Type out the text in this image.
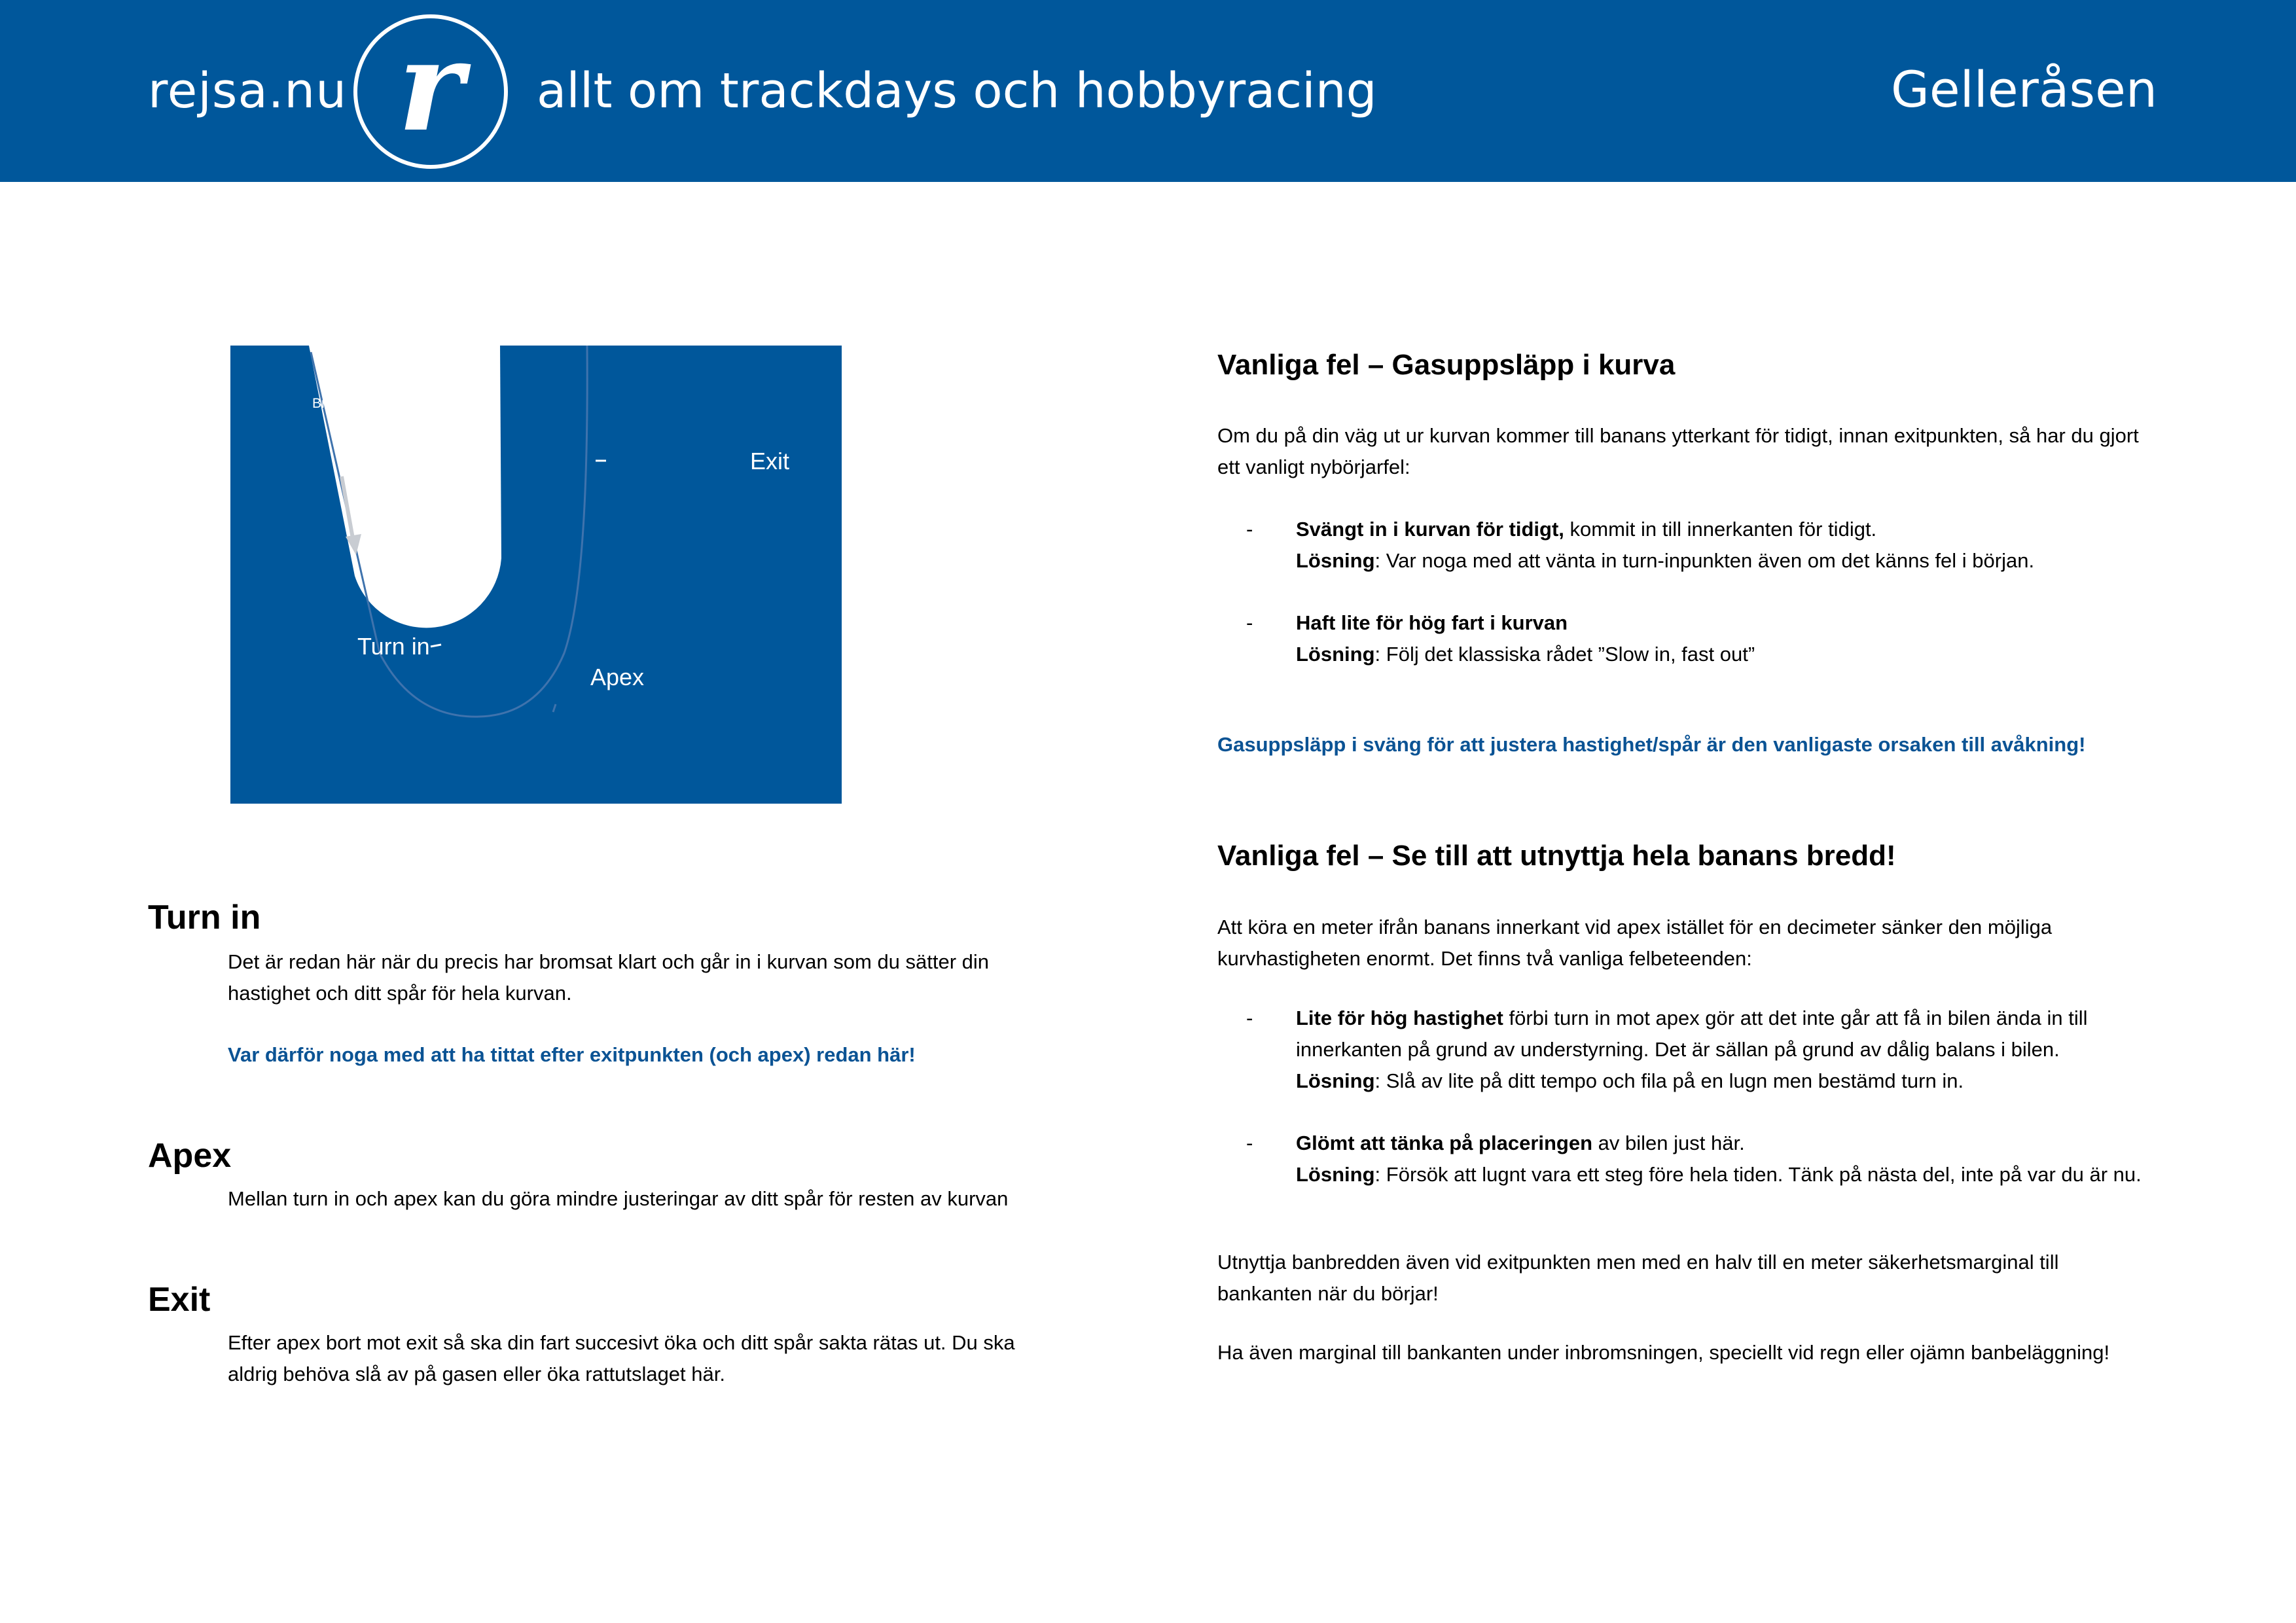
rejsa.nu r allt om trackdays och hobbyracing	Gelleråsen
Bromspunkt
Turn in
Apex
Exit
Turn in

Det är redan här när du precis har bromsat klart och går in i kurvan som du sätter din hastighet och ditt spår för hela kurvan.

Var därför noga med att ha tittat efter exitpunkten (och apex) redan här!

Apex

Mellan turn in och apex kan du göra mindre justeringar av ditt spår för resten av kurvan

Exit

Efter apex bort mot exit så ska din fart succesivt öka och ditt spår sakta rätas ut. Du ska aldrig behöva slå av på gasen eller öka rattutslaget här.

Vanliga fel – Gasuppsläpp i kurva

Om du på din väg ut ur kurvan kommer till banans ytterkant för tidigt, innan exitpunkten, så har du gjort ett vanligt nybörjarfel:

- Svängt in i kurvan för tidigt, kommit in till innerkanten för tidigt.
Lösning: Var noga med att vänta in turn-inpunkten även om det känns fel i början.

- Haft lite för hög fart i kurvan
Lösning: Följ det klassiska rådet ”Slow in, fast out”

Gasuppsläpp i sväng för att justera hastighet/spår är den vanligaste orsaken till avåkning!

Vanliga fel – Se till att utnyttja hela banans bredd!

Att köra en meter ifrån banans innerkant vid apex istället för en decimeter sänker den möjliga kurvhastigheten enormt. Det finns två vanliga felbeteenden:

- Lite för hög hastighet förbi turn in mot apex gör att det inte går att få in bilen ända in till innerkanten på grund av understyrning. Det är sällan på grund av dålig balans i bilen.
Lösning: Slå av lite på ditt tempo och fila på en lugn men bestämd turn in.

- Glömt att tänka på placeringen av bilen just här.
Lösning: Försök att lugnt vara ett steg före hela tiden. Tänk på nästa del, inte på var du är nu.

Utnyttja banbredden även vid exitpunkten men med en halv till en meter säkerhetsmarginal till bankanten när du börjar!

Ha även marginal till bankanten under inbromsningen, speciellt vid regn eller ojämn banbeläggning!
